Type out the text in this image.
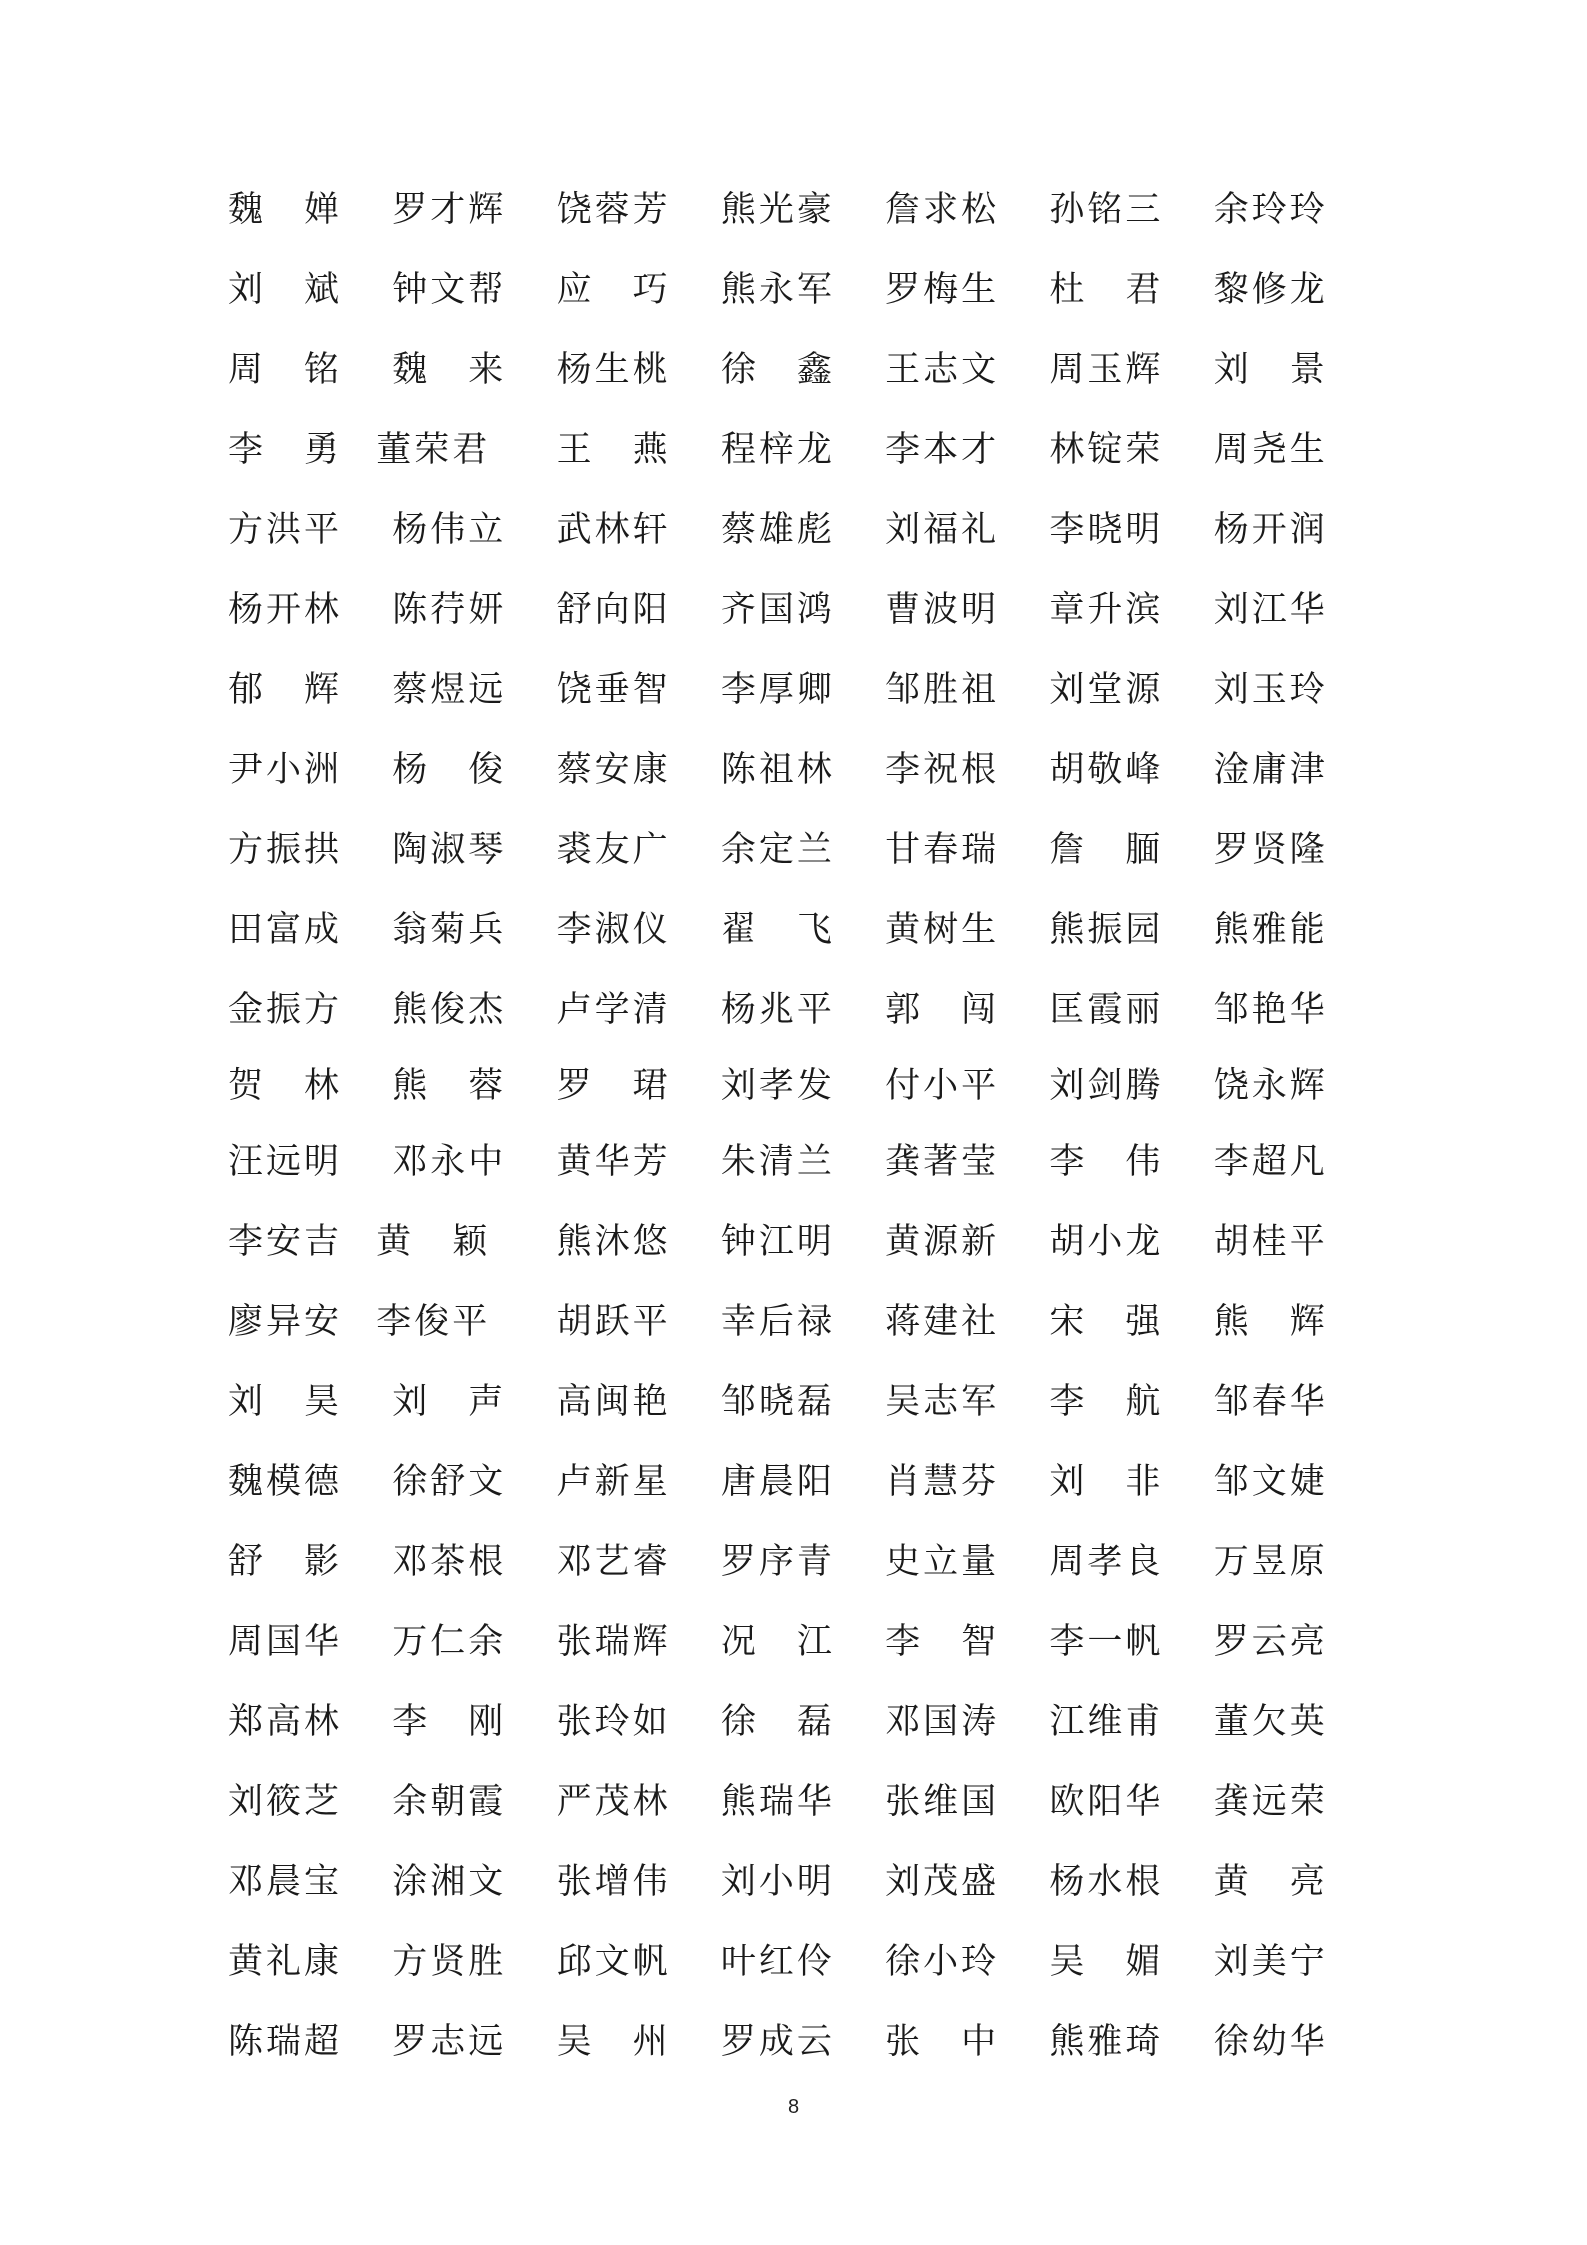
魏　婵	罗才辉	饶蓉芳	熊光豪	詹求松	孙铭三	余玲玲
刘　斌	钟文帮	应　巧	熊永军	罗梅生	杜　君	黎修龙
周　铭	魏　来	杨生桃	徐　鑫	王志文	周玉辉	刘　景
李　勇 董荣君	王　燕	程梓龙	李本才	林锭荣	周尧生
方洪平	杨伟立	武林轩	蔡雄彪	刘福礼	李晓明	杨开润
杨开林	陈荇妍	舒向阳	齐国鸿	曹波明	章升滨	刘江华
郁　辉	蔡煜远	饶垂智	李厚卿	邹胜祖	刘堂源	刘玉玲
尹小洲	杨　俊	蔡安康	陈祖林	李祝根	胡敬峰	淦庸津
方振拱	陶淑琴	裘友广	余定兰	甘春瑞	詹　腼	罗贤隆
田富成	翁菊兵	李淑仪	翟　飞	黄树生	熊振园	熊雅能
金振方	熊俊杰	卢学清	杨兆平	郭　闯	匡霞丽	邹艳华
贺　林	熊　蓉	罗　珺	刘孝发	付小平	刘剑腾	饶永辉
汪远明	邓永中	黄华芳	朱清兰	龚著莹	李　伟	李超凡
李安吉 黄　颖	熊沐悠	钟江明	黄源新	胡小龙	胡桂平
廖异安 李俊平	胡跃平	幸后禄	蒋建社	宋　强	熊　辉
刘　昊	刘　声	高闽艳	邹晓磊	吴志军	李　航	邹春华
魏模德	徐舒文	卢新星	唐晨阳	肖慧芬	刘　非	邹文婕
舒　影	邓茶根	邓艺睿	罗序青	史立量	周孝良	万昱原
周国华	万仁余	张瑞辉	况　江	李　智	李一帆	罗云亮
郑高林	李　刚	张玲如	徐　磊	邓国涛	江维甫	董欠英
刘筱芝	余朝霞	严茂林	熊瑞华	张维国	欧阳华	龚远荣
邓晨宝	涂湘文	张增伟	刘小明	刘茂盛	杨水根	黄　亮
黄礼康	方贤胜	邱文帆	叶红伶	徐小玲	吴　媚	刘美宁
陈瑞超	罗志远	吴　州	罗成云	张　中	熊雅琦	徐幼华
8
